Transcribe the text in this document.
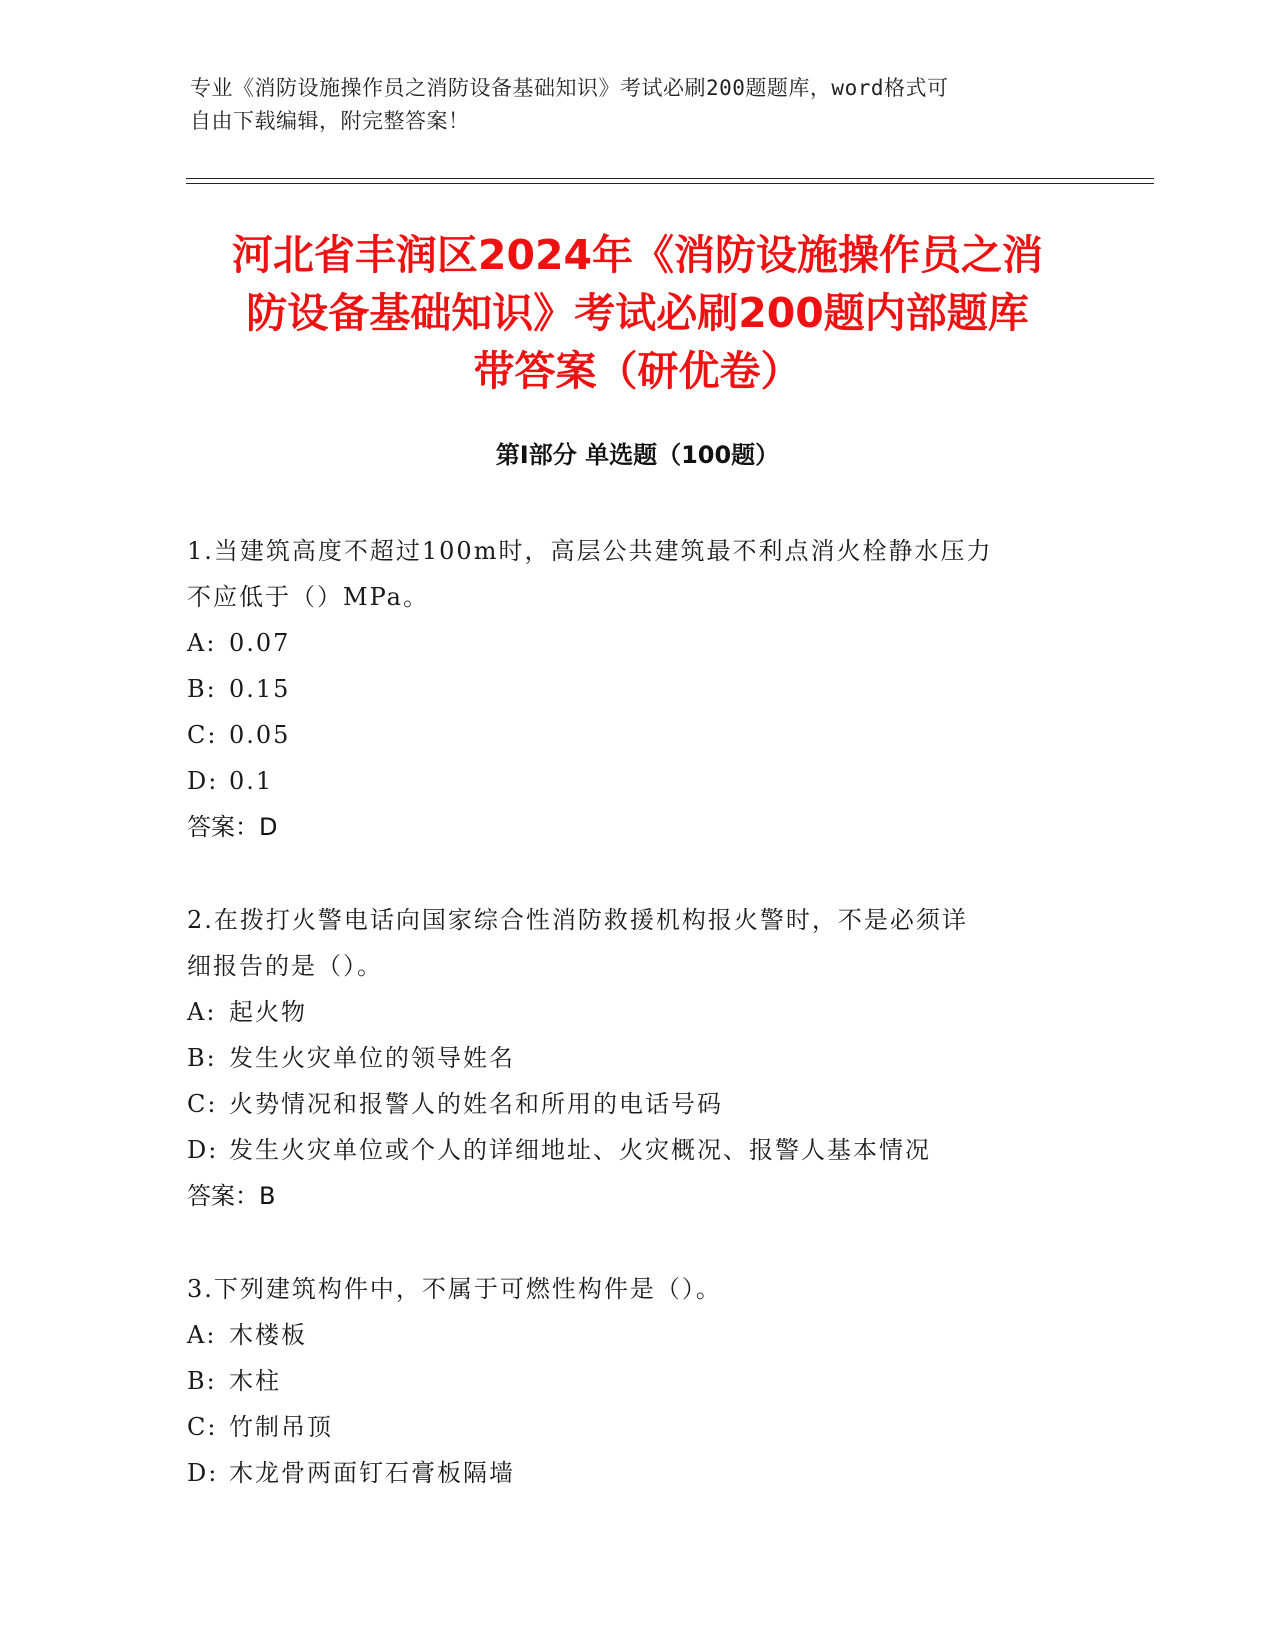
专业《消防设施操作员之消防设备基础知识》考试必刷200题题库，word格式可
自由下载编辑，附完整答案！
河北省丰润区2024年《消防设施操作员之消
防设备基础知识》考试必刷200题内部题库
带答案（研优卷）
第Ⅰ部分 单选题（100题）
1.当建筑高度不超过100m时，高层公共建筑最不利点消火栓静水压力
不应低于（）MPa。
A: 0.07
B: 0.15
C: 0.05
D: 0.1
答案：D
2.在拨打火警电话向国家综合性消防救援机构报火警时，不是必须详
细报告的是（）。
A: 起火物
B: 发生火灾单位的领导姓名
C: 火势情况和报警人的姓名和所用的电话号码
D: 发生火灾单位或个人的详细地址、火灾概况、报警人基本情况
答案：B
3.下列建筑构件中，不属于可燃性构件是（）。
A: 木楼板
B: 木柱
C: 竹制吊顶
D: 木龙骨两面钉石膏板隔墙
